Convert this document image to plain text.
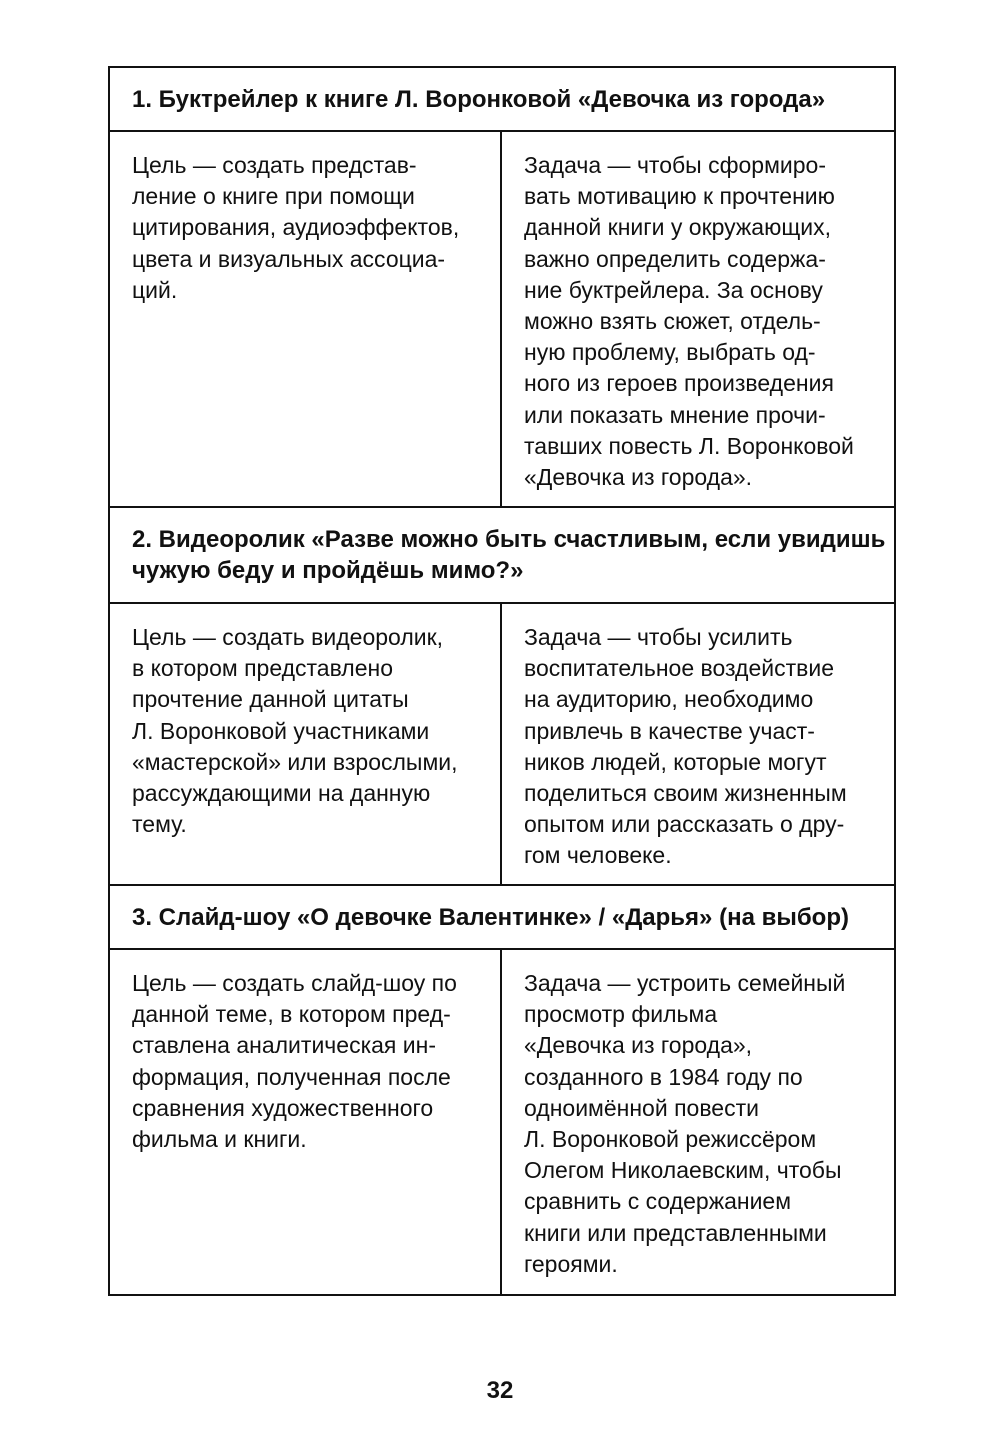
1. Буктрейлер к книге Л. Воронковой «Девочка из города»
Цель — создать представ-
ление о книге при помощи
цитирования, аудиоэффектов,
цвета и визуальных ассоциа-
ций.
Задача — чтобы сформиро-
вать мотивацию к прочтению
данной книги у окружающих,
важно определить содержа-
ние буктрейлера. За основу
можно взять сюжет, отдель-
ную проблему, выбрать од-
ного из героев произведения
или показать мнение прочи-
тавших повесть Л. Воронковой
«Девочка из города».
2. Видеоролик «Разве можно быть счастливым, если увидишь
чужую беду и пройдёшь мимо?»
Цель — создать видеоролик,
в котором представлено
прочтение данной цитаты
Л. Воронковой участниками
«мастерской» или взрослыми,
рассуждающими на данную
тему.
Задача — чтобы усилить
воспитательное воздействие
на аудиторию, необходимо
привлечь в качестве участ-
ников людей, которые могут
поделиться своим жизненным
опытом или рассказать о дру-
гом человеке.
3. Слайд-шоу «О девочке Валентинке» / «Дарья» (на выбор)
Цель — создать слайд-шоу по
данной теме, в котором пред-
ставлена аналитическая ин-
формация, полученная после
сравнения художественного
фильма и книги.
Задача — устроить семейный
просмотр фильма
«Девочка из города»,
созданного в 1984 году по
одноимённой повести
Л. Воронковой режиссёром
Олегом Николаевским, чтобы
сравнить с содержанием
книги или представленными
героями.
32
